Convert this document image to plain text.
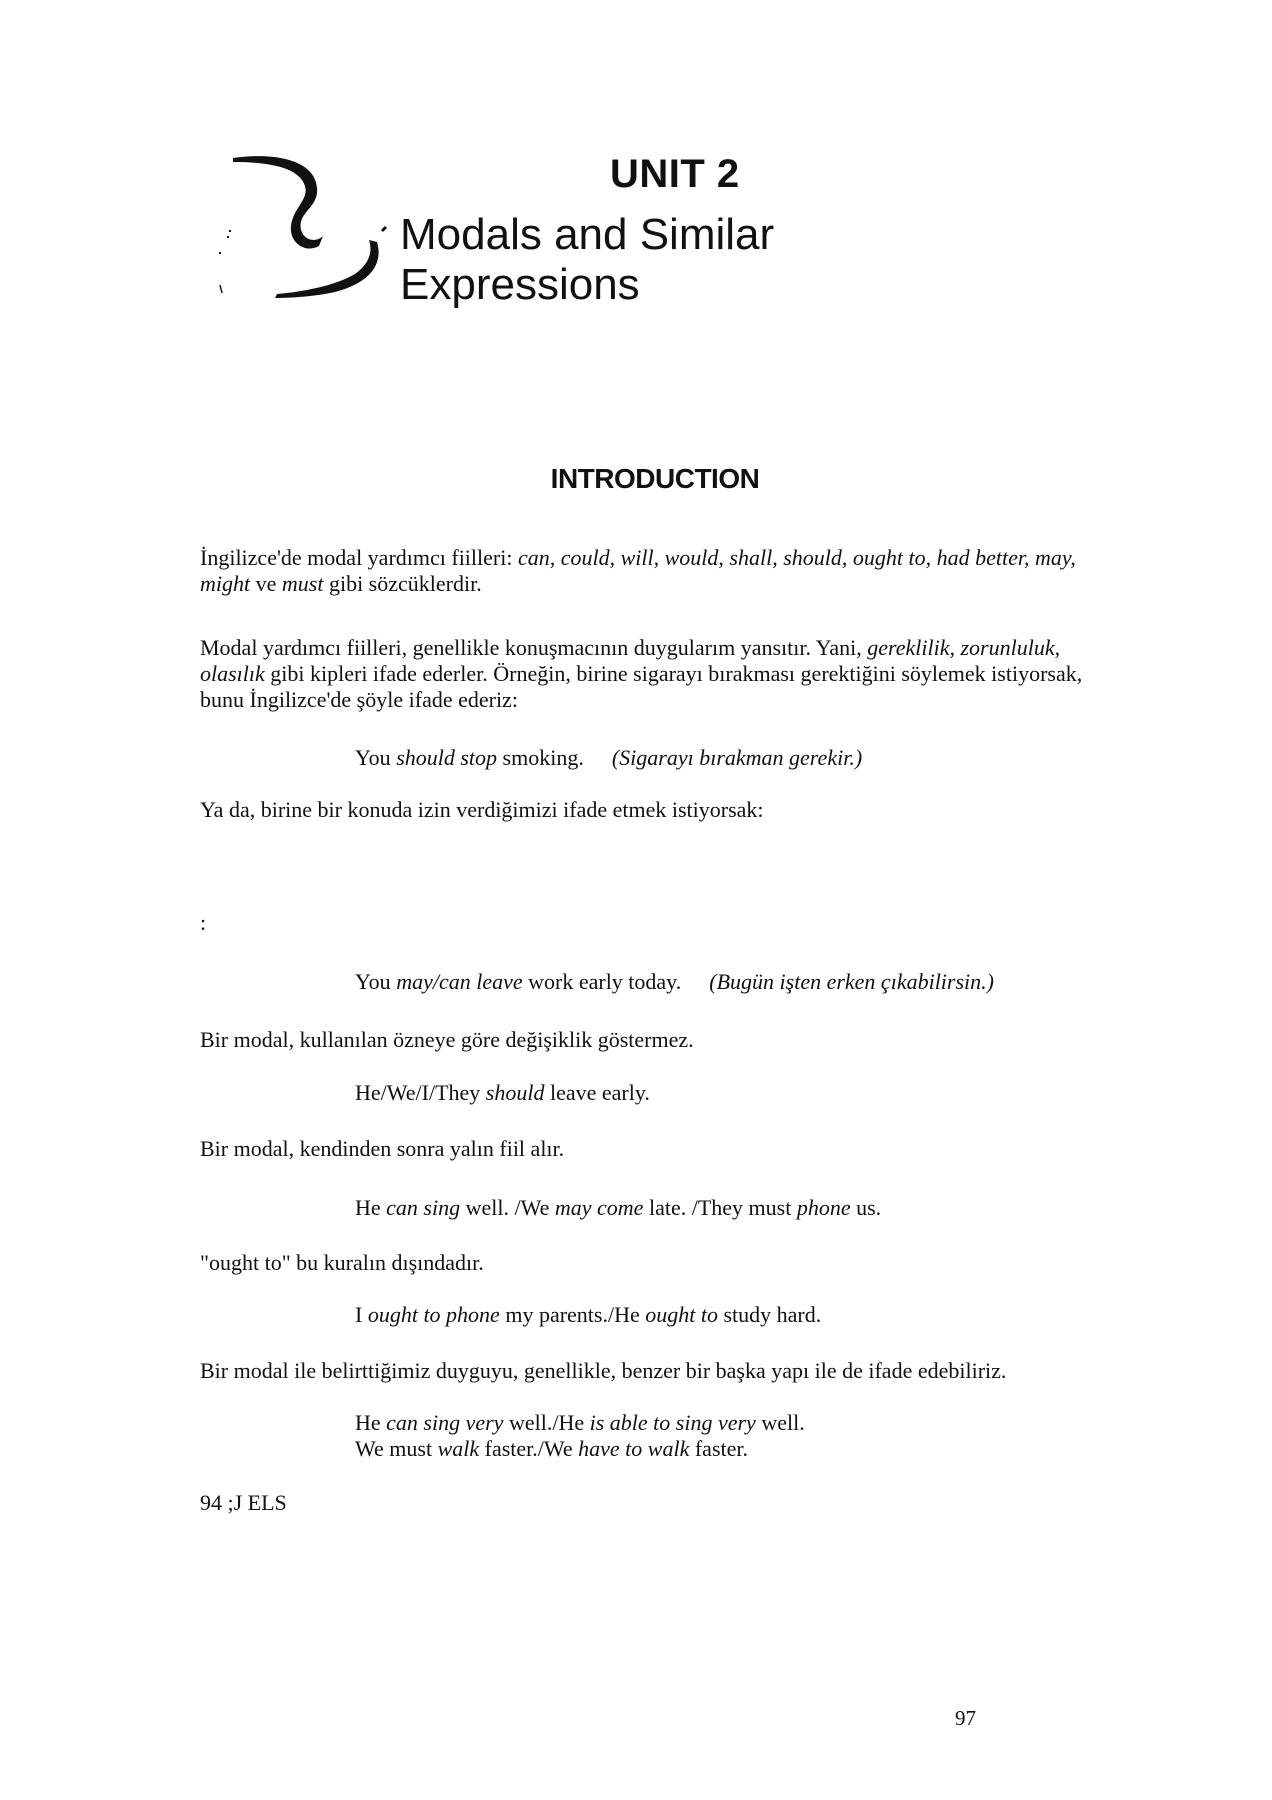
UNIT 2
Modals and Similar
Expressions
INTRODUCTION

İngilizce'de modal yardımcı fiilleri: can, could, will, would, shall, should, ought to, had better, may, might ve must gibi sözcüklerdir.

Modal yardımcı fiilleri, genellikle konuşmacının duygularım yansıtır. Yani, gereklilik, zorunluluk, olasılık gibi kipleri ifade ederler. Örneğin, birine sigarayı bırakması gerektiğini söylemek istiyorsak, bunu İngilizce'de şöyle ifade ederiz:

You should stop smoking. (Sigarayı bırakman gerekir.)

Ya da, birine bir konuda izin verdiğimizi ifade etmek istiyorsak:

:

You may/can leave work early today. (Bugün işten erken çıkabilirsin.)

Bir modal, kullanılan özneye göre değişiklik göstermez.

He/We/I/They should leave early.

Bir modal, kendinden sonra yalın fiil alır.

He can sing well. /We may come late. /They must phone us.

"ought to" bu kuralın dışındadır.

I ought to phone my parents./He ought to study hard.

Bir modal ile belirttiğimiz duyguyu, genellikle, benzer bir başka yapı ile de ifade edebiliriz.

He can sing very well./He is able to sing very well.

We must walk faster./We have to walk faster.

94 ;J ELS

97
